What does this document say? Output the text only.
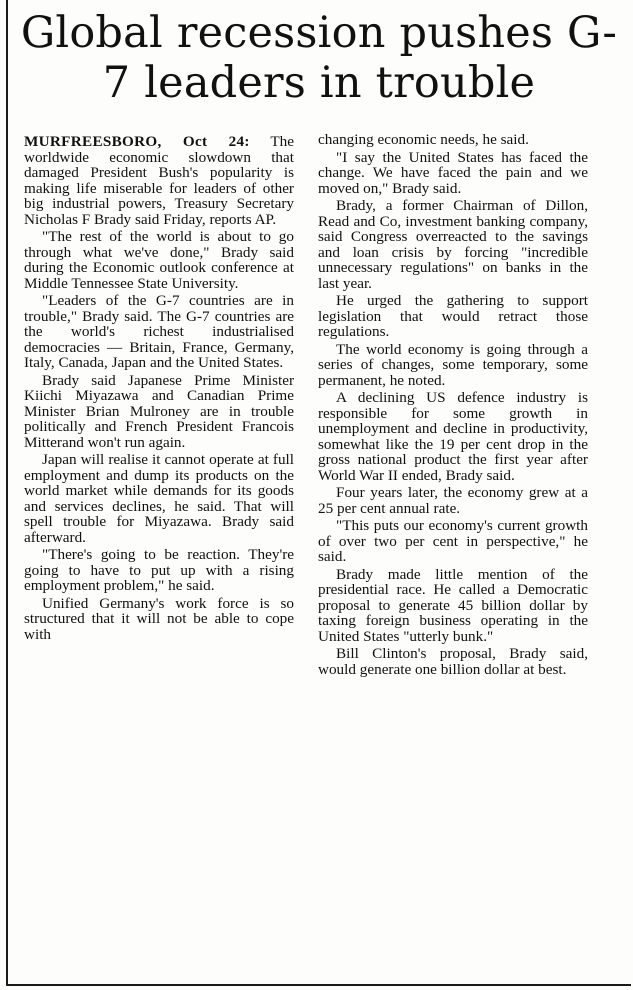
Global recession pushes G-7 leaders in trouble

MURFREESBORO, Oct 24: The worldwide economic slowdown that damaged President Bush's popularity is making life miserable for leaders of other big industrial powers, Treasury Secretary Nicholas F Brady said Friday, reports AP.

"The rest of the world is about to go through what we've done," Brady said during the Economic outlook conference at Middle Tennessee State University.

"Leaders of the G-7 countries are in trouble," Brady said. The G-7 countries are the world's richest industrialised democracies — Britain, France, Germany, Italy, Canada, Japan and the United States.

Brady said Japanese Prime Minister Kiichi Miyazawa and Canadian Prime Minister Brian Mulroney are in trouble politically and French President Francois Mitterand won't run again.

Japan will realise it cannot operate at full employment and dump its products on the world market while demands for its goods and services declines, he said. That will spell trouble for Miyazawa. Brady said afterward.

"There's going to be reaction. They're going to have to put up with a rising employment problem," he said.

Unified Germany's work force is so structured that it will not be able to cope with

changing economic needs, he said.

"I say the United States has faced the change. We have faced the pain and we moved on," Brady said.

Brady, a former Chairman of Dillon, Read and Co, investment banking company, said Congress overreacted to the savings and loan crisis by forcing "incredible unnecessary regulations" on banks in the last year.

He urged the gathering to support legislation that would retract those regulations.

The world economy is going through a series of changes, some temporary, some permanent, he noted.

A declining US defence industry is responsible for some growth in unemployment and decline in productivity, somewhat like the 19 per cent drop in the gross national product the first year after World War II ended, Brady said.

Four years later, the economy grew at a 25 per cent annual rate.

"This puts our economy's current growth of over two per cent in perspective," he said.

Brady made little mention of the presidential race. He called a Democratic proposal to generate 45 billion dollar by taxing foreign business operating in the United States "utterly bunk."

Bill Clinton's proposal, Brady said, would generate one billion dollar at best.
